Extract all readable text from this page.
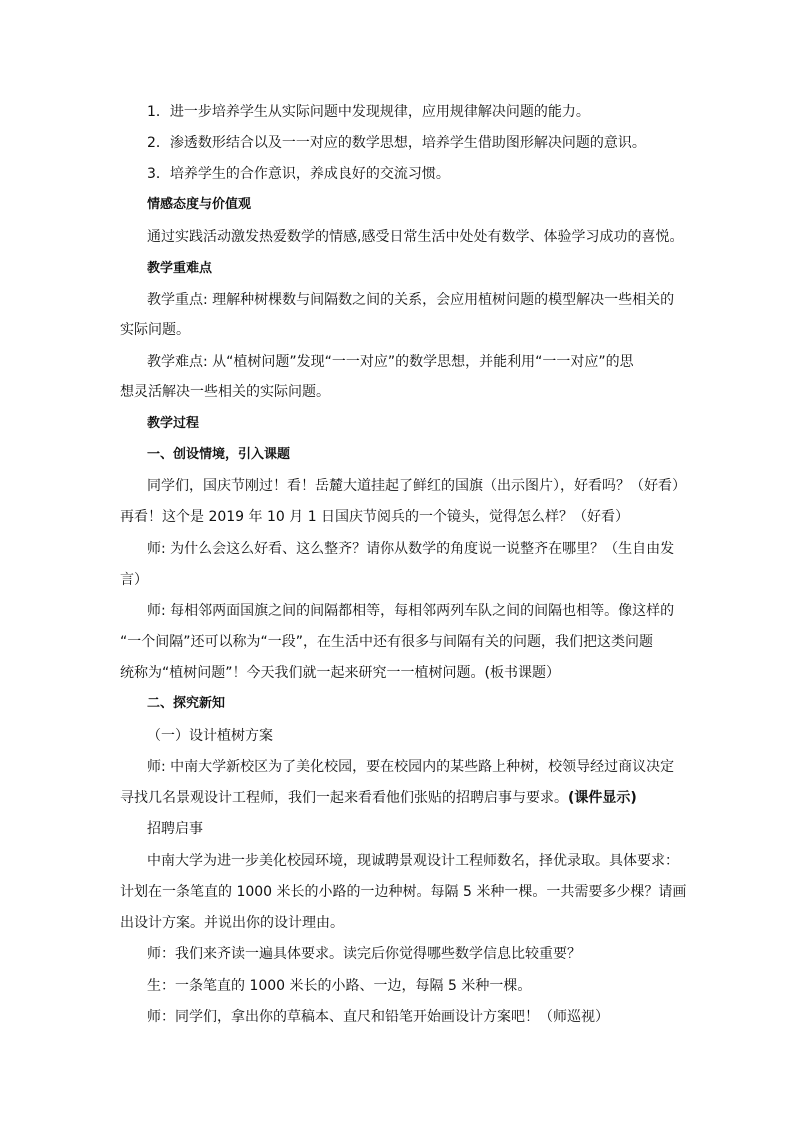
1．进一步培养学生从实际问题中发现规律，应用规律解决问题的能力。
2．渗透数形结合以及一一对应的数学思想，培养学生借助图形解决问题的意识。
3．培养学生的合作意识，养成良好的交流习惯。
情感态度与价值观
通过实践活动激发热爱数学的情感,感受日常生活中处处有数学、体验学习成功的喜悦。
教学重难点
教学重点: 理解种树棵数与间隔数之间的关系，会应用植树问题的模型解决一些相关的
实际问题。
教学难点: 从“植树问题”发现“一一对应”的数学思想，并能利用“一一对应”的思
想灵活解决一些相关的实际问题。
教学过程
一、创设情境，引入课题
同学们，国庆节刚过！看！岳麓大道挂起了鲜红的国旗（出示图片），好看吗？（好看）
再看！这个是 2019 年 10 月 1 日国庆节阅兵的一个镜头，觉得怎么样？（好看）
师: 为什么会这么好看、这么整齐？请你从数学的角度说一说整齐在哪里？（生自由发
言）
师: 每相邻两面国旗之间的间隔都相等，每相邻两列车队之间的间隔也相等。像这样的
“一个间隔”还可以称为“一段”，在生活中还有很多与间隔有关的问题，我们把这类问题
统称为“植树问题”！今天我们就一起来研究一一植树问题。(板书课题）
二、探究新知
（一）设计植树方案
师: 中南大学新校区为了美化校园，要在校园内的某些路上种树，校领导经过商议决定
寻找几名景观设计工程师，我们一起来看看他们张贴的招聘启事与要求。(课件显示)
招聘启事
中南大学为进一步美化校园环境，现诚聘景观设计工程师数名，择优录取。具体要求：
计划在一条笔直的 1000 米长的小路的一边种树。每隔 5 米种一棵。一共需要多少棵？请画
出设计方案。并说出你的设计理由。
师：我们来齐读一遍具体要求。读完后你觉得哪些数学信息比较重要？
生：一条笔直的 1000 米长的小路、一边，每隔 5 米种一棵。
师：同学们，拿出你的草稿本、直尺和铅笔开始画设计方案吧！（师巡视）
